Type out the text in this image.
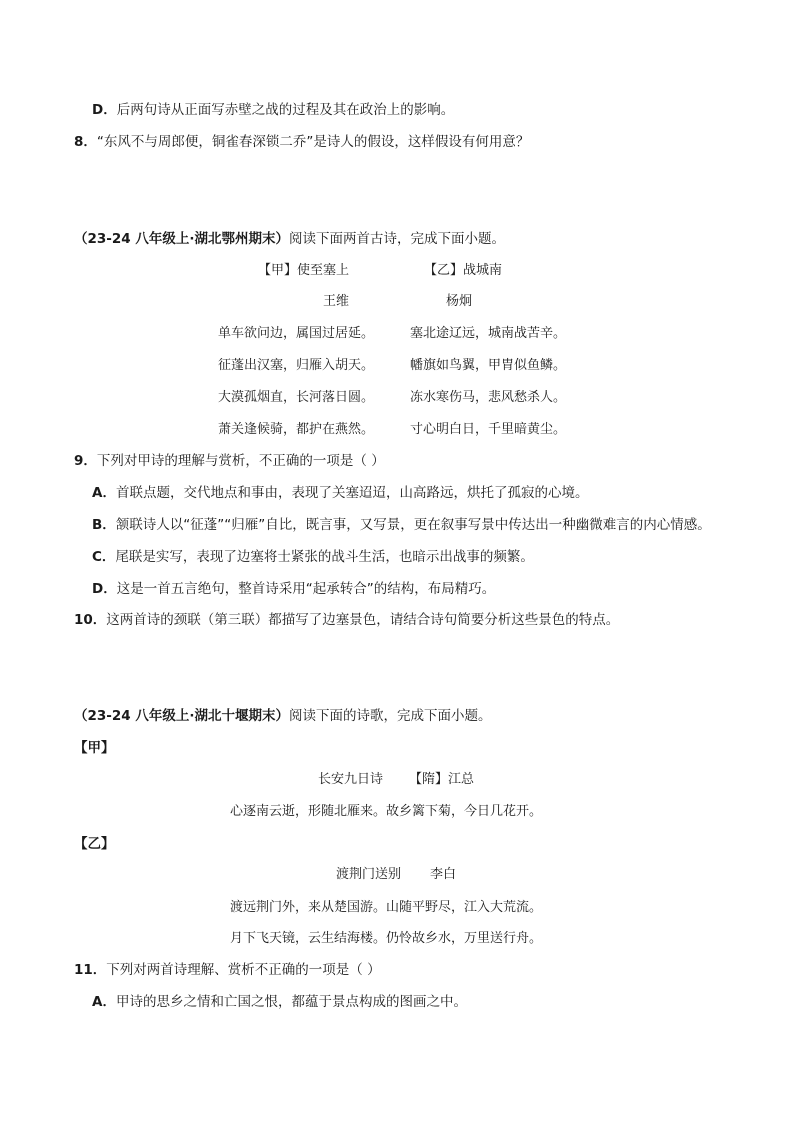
D．后两句诗从正面写赤壁之战的过程及其在政治上的影响。
8．“东风不与周郎便，铜雀春深锁二乔”是诗人的假设，这样假设有何用意？
（23-24 八年级上·湖北鄂州期末）阅读下面两首古诗，完成下面小题。
【甲】使至塞上	【乙】战城南
王维	杨炯
单车欲问边，属国过居延。	塞北途辽远，城南战苦辛。
征蓬出汉塞，归雁入胡天。	幡旗如鸟翼，甲胄似鱼鳞。
大漠孤烟直，长河落日圆。	冻水寒伤马，悲风愁杀人。
萧关逢候骑，都护在燕然。	寸心明白日，千里暗黄尘。
9．下列对甲诗的理解与赏析，不正确的一项是（ ）
A．首联点题，交代地点和事由，表现了关塞迢迢，山高路远，烘托了孤寂的心境。
B．颔联诗人以“征蓬”“归雁”自比，既言事，又写景，更在叙事写景中传达出一种幽微难言的内心情感。
C．尾联是实写，表现了边塞将士紧张的战斗生活，也暗示出战事的频繁。
D．这是一首五言绝句，整首诗采用“起承转合”的结构，布局精巧。
10．这两首诗的颈联（第三联）都描写了边塞景色，请结合诗句简要分析这些景色的特点。
（23-24 八年级上·湖北十堰期末）阅读下面的诗歌，完成下面小题。
【甲】
长安九日诗 【隋】江总
心逐南云逝，形随北雁来。故乡篱下菊，今日几花开。
【乙】
渡荆门送别 李白
渡远荆门外，来从楚国游。山随平野尽，江入大荒流。
月下飞天镜，云生结海楼。仍怜故乡水，万里送行舟。
11．下列对两首诗理解、赏析不正确的一项是（ ）
A．甲诗的思乡之情和亡国之恨，都蕴于景点构成的图画之中。
